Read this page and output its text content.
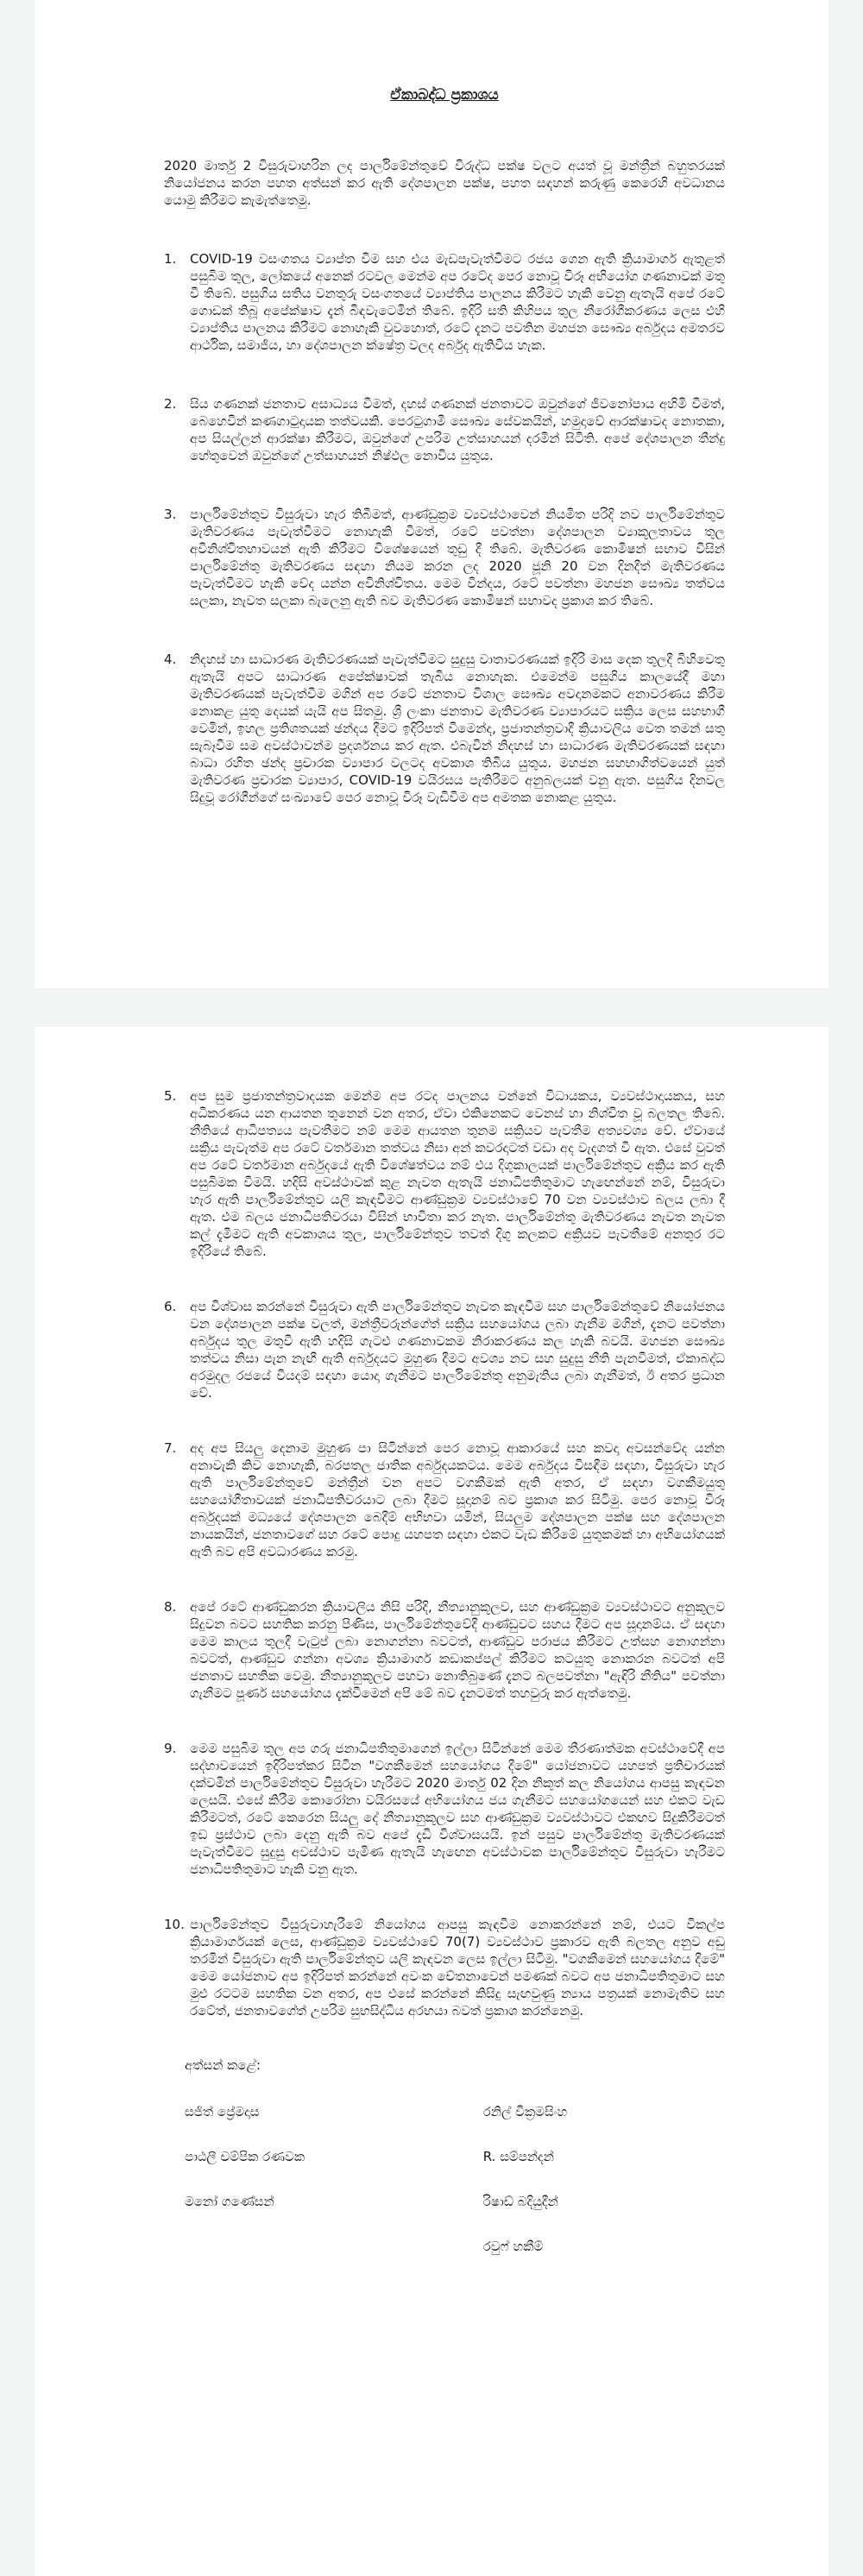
ඒකාබද්ධ ප්‍රකාශය
2020 මාර්තු 2 විසුරුවාහරින ලද පාර්ලිමේන්තුවේ විරුද්ධ පක්ෂ වලට අයත් වූ මන්ත්‍රීන් බහුතරයක් නියෝජනය කරන පහත අත්සන් කර ඇති දේශපාලන පක්ෂ, පහත සඳහන් කරුණු කෙරෙහි අවධානය යොමු කිරීමට කැමැත්තෙමු.
1.	COVID-19 වසංගතය ව්‍යාප්ත වීම සහ එය මැඩපැවැත්වීමට රජය ගෙන ඇති ක්‍රියාමාර්ග ඇතුළත් පසුබිම තුල, ලෝකයේ අනෙක් රටවල මෙන්ම අප රටේද පෙර නොවූ විරූ අභියෝග ගණනාවක් මතු වී තිබේ. පසුගිය සතිය වනතුරු වසංගතයේ ව්‍යාප්තිය පාලනය කිරීමට හැකි වෙනු ඇතැයි අපේ රටේ ගොඩක් තිබූ අපේක්ෂාව දැන් බිඳවැටෙමින් තිබේ. ඉදිරි සති කිහිපය තුල නීරෝගීකරණය ලෙස එහි ව්‍යාප්තිය පාලනය කිරීමට නොහැකි වුවහොත්, රටේ දැනට පවතින මහජන සෞඛ්‍ය අර්බුදය අමතරව ආර්ථික, සමාජීය, හා දේශපාලන ක්ෂේත්‍ර වලද අර්බුද ඇතිවිය හැක.
2.	සිය ගණනක් ජනතාව අසාධ්‍යය වීමත්, දහස් ගණනක් ජනතාවට ඔවුන්ගේ ජීවනෝපාය අහිමි වීමත්, බෙහෙවින් කණගාටුදායක තත්වයකි. පෙරටුගාමී සෞඛ්‍ය සේවකයින්, හමුදාවේ ආරක්ෂාවද නොතකා, අප සියල්ලන් ආරක්ෂා කිරීමට, ඔවුන්ගේ උපරිම උත්සාහයන් දරමින් සිටිති. අපේ දේශපාලන තීන්දු හේතුවෙන් ඔවුන්ගේ උත්සාහයන් නිෂ්ඵල නොවිය යුතුය.
3.	පාර්ලිමේන්තුව විසුරුවා හැර තිබීමත්, ආණ්ඩුක්‍රම ව්‍යවස්ථාවෙන් නියමිත පරිදි නව පාර්ලිමේන්තුව මැතිවරණය පැවැත්වීමට නොහැකි වීමත්, රටේ පවත්නා දේශපාලන ව්‍යාකූලතාවය තුල අවිනිශ්චිතභාවයන් ඇති කිරීමට විශේෂයෙන් තුඩු දී තිබේ. මැතිවරණ කොමිෂන් සභාව විසින් පාර්ලිමේන්තු මැතිවරණය සඳහා නියම කරන ලද 2020 ජූනි 20 වන දිනදීත් මැතිවරණය පැවැත්වීමට හැකි වේද යන්න අවිනිශ්චිතය. මෙම වින්දය, රටේ පවත්නා මහජන සෞඛ්‍ය තත්වය සලකා, නැවත සලකා බැලෙනු ඇති බව මැතිවරණ කොමිෂන් සභාවද ප්‍රකාශ කර තිබේ.
4.	නිදහස් හා සාධාරණ මැතිවරණයක් පැවැත්වීමට සුදුසු වාතාවරණයක් ඉදිරි මාස දෙක තුලදී බිහිවෙතු ඇතැයි අපට සාධාරණ අපේක්ෂාවක් තැබිය නොහැක. එමෙන්ම පසුගිය කාලයේදී මහා මැතිවරණයක් පැවැත්වීම මගින් අප රටේ ජනතාව විශාල සෞඛ්‍ය අවදානමකට අනාවරණය කිරීම නොකළ යුතු දෙයක් යැයි අප සිතමු. ශ්‍රී ලංකා ජනතාව මැතිවරණ ව්‍යාපාරයට සක්‍රිය ලෙස සහභාගී වෙමින්, ඉහල ප්‍රතිශතයක් ඡන්දය දීමට ඉදිරිපත් වීමෙන්ද, ප්‍රජාතන්ත්‍රවාදී ක්‍රියාවලිය වෙත තමන් සතු සැබෑවීම සම අවස්ථාවන්ම ප්‍රදර්ශනය කර ඇත. එබැවින් නිදහස් හා සාධාරණ මැතිවරණයක් සඳහා බාධා රහිත ඡන්ද ප්‍රචාරක ව්‍යාපාර වලටද අවකාශ තිබිය යුතුය. මහජන සහභාගිත්වයෙන් යුත් මැතිවරණ ප්‍රචාරක ව්‍යාපාර, COVID-19 වයිරසය පැතිරීමට අනුබලයක් වනු ඇත. පසුගිය දිනවල සිදුවූ රෝගීන්ගේ සංඛ්‍යාවේ පෙර නොවූ විරූ වැඩිවීම අප අමතක නොකළ යුතුය.
5.	අප සුම ප්‍රජාතන්ත්‍රවාදයක මෙන්ම අප රටද පාලනය වන්නේ විධායකය, ව්‍යවස්ථාදායකය, සහ අධිකරණය යන ආයතන තුනෙන් වන අතර, ඒවා එකිනෙකට වෙනස් හා නිශ්චිත වූ බලතල තිබේ. නීතියේ ආධිපත්‍යය පැවතීමට නම් මෙම ආයතන තුනම සක්‍රියව පැවතීම අත්‍යවශ්‍ය වේ. ඒවායේ සක්‍රිය පැවැත්ම අප රටේ වර්තමාන තත්වය නිසා අන් කවරදාටත් වඩා අද වැදගත් වී ඇත. එසේ වුවත් අප රටේ වර්තමාන අර්බුදයේ ඇති විශේෂත්වය නම් එය දිගුකාලයක් පාර්ලිමේන්තුව අක්‍රිය කර ඇති පසුබිමක වීමයි. හදිසි අවස්ථාවක් කුළ නැවත ඇතැයි ජනාධිපතිතුමාට හැඟෙන්නේ නම්, විසුරුවා හැර ඇති පාර්ලිමේන්තුව යලි කැඳවීමට ආණ්ඩුක්‍රම ව්‍යවස්ථාවේ 70 වන ව්‍යවස්ථාව බලය ලබා දී ඇත. එම බලය ජනාධිපතිවරයා විසින් භාවිතා කර නැත. පාර්ලිමේන්තු මැතිවරණය නැවත නැවත කල් දැමීමට ඇති අවකාශය තුල, පාර්ලිමේන්තුව තවත් දිගු කලකට අක්‍රියව පැවතීමේ අනතුර රට ඉදිරියේ තිබේ.
6.	අප විශ්වාස කරන්නේ විසුරුවා ඇති පාර්ලිමේන්තුව නැවත කැඳවීම සහ පාර්ලිමේන්තුවේ නියෝජනය වන දේශපාලන පක්ෂ වලත්, මන්ත්‍රීවරුන්ගේත් සක්‍රිය සහයෝගය ලබා ගැනීම මගින්, දැනට පවත්නා අර්බුදය තුල මතුවී ඇති හදිසි ගැටළු ගණනාවකම නිරාකරණය කල හැකි බවයි. මහජන සෞඛ්‍ය තත්වය නිසා පැන නැඟී ඇති අර්බුදයට මුහුණ දීමට අවශ්‍ය නව සහ සුදුසු නීති පැනවීමත්, ඒකාබද්ධ අරමුදල රජයේ වියදම් සඳහා යොදා ගැනීමට පාර්ලිමේන්තු අනුමැතිය ලබා ගැනීමත්, ඊ අතර ප්‍රධාන වේ.
7.	අද අප සියලු දෙනාම මුහුණ පා සිටින්නේ පෙර නොවූ ආකාරයේ සහ කවදා අවසන්වේද යන්න අනාවැකි කිව නොහැකි, බරපතල ජාතික අර්බුදයකටය. මෙම අර්බුදය විසඳීම සඳහා, විසුරුවා හැර ඇති පාර්ලිමේන්තුවේ මන්ත්‍රීන් වන අපට වගකීමක් ඇති අතර, ඒ සඳහා වගකීමයුතු සහයෝගීතාවයක් ජනාධිපතිවරයාට ලබා දීමට සූදානම් බව ප්‍රකාශ කර සිටිමු. පෙර නොවූ විරූ අර්බුදයක් මධ්‍යයේ දේශපාලන බෙදීම් අභිභවා යමින්, සියලුම දේශපාලන පක්ෂ සහ දේශපාලන නායකයින්, ජනතාවගේ සහ රටේ පොදු යහපත සඳහා එකට වැඩ කිරීමේ යුතුකමක් හා අභියෝගයක් ඇති බව අපි අවධාරණය කරමු.
8.	අපේ රටේ ආණ්ඩුකරන ක්‍රියාවලිය නිසි පරිදි, නීත්‍යානුකූලව, සහ ආණ්ඩුක්‍රම ව්‍යවස්ථාවට අනුකූලව සිදුවන බවට සහතික කරනු පිණිස, පාර්ලිමේන්තුවේදී ආණ්ඩුවට සහය දීමට අප සූදානම්ය. ඒ සඳහා මෙම කාලය තුලදී වැටුප් ලබා නොගන්නා බවටත්, ආණ්ඩුව පරාජය කිරීමට උත්සහ නොගන්නා බවටත්, ආණ්ඩුව ගන්නා අවශ්‍ය ක්‍රියාමාර්ග කඩාකප්පල් කිරීමට කටයුතු නොකරන බවටත් අපි ජනතාව සහතික වෙමු. නීත්‍යානුකූලව පහවා නොතිබුණේ දැනට බලපවත්නා "ඇඳිරි නීතිය" පවත්නා ගැනීමට පූර්ණ සහයෝගය දැක්වීමෙන් අපි මේ බව දැනටමත් තහවුරු කර ඇත්තෙමු.
9.	මෙම පසුබිම තුල අප ගරු ජනාධිපතිතුමාගෙන් ඉල්ලා සිටින්නේ මෙම තීරණාත්මක අවස්ථාවේදී අප සද්භාවයෙන් ඉදිරිපත්කර සිටින "වගකීමෙන් සහයෝගය දීමේ" යෝජනාවට යහපත් ප්‍රතිචාරයක් දක්වමින් පාර්ලිමේන්තුව විසුරුවා හැරීමට 2020 මාර්තු 02 දින නිකුත් කල නියෝගය ආපසු කැඳවන ලෙසයි. එසේ කිරීම කොරෝනා වයිරසයේ අභියෝගය ජය ගැනීමට සහයෝගයෙන් සහ එකට වැඩ කිරීමටත්, රටේ කෙරෙන සියලු දේ නීත්‍යානුකූලව සහ ආණ්ඩුක්‍රම ව්‍යවස්ථාවට එකඟව සිදුකිරීමටත් ඉඩ ප්‍රස්ථාව ලබා දෙනු ඇති බව අපේ දැඩි විශ්වාසයයි. ඉන් පසුව පාර්ලිමේන්තු මැතිවරණයක් පැවැත්වීමට සුදුසු අවස්ථාව පැමිණ ඇතැයි හැඟෙන අවස්ථාවක පාර්ලිමේන්තුව විසුරුවා හැරීමට ජනාධිපතිතුමාට හැකි වනු ඇත.
10. පාර්ලිමේන්තුව විසුරුවාහැරීමේ නියෝගය ආපසු කැඳවීම නොකරන්නේ නම්, එයට විකල්ප ක්‍රියාමාර්ගයක් ලෙස, ආණ්ඩුක්‍රම ව්‍යවස්ථාවේ 70(7) ව්‍යවස්ථාව ප්‍රකාරව ඇති බලතල අනුව අඩු තරමින් විසුරුවා ඇති පාර්ලිමේන්තුව යලි කැඳවන ලෙස ඉල්ලා සිටිමු. "වගකීමෙන් සහයෝගය දීමේ" මෙම යෝජනාව අප ඉදිරිපත් කරන්නේ අවංක චේතනාවෙන් පමණක් බවට අප ජනාධිපතිතුමාට සහ මුළු රටටම සහතික වන අතර, අප එසේ කරන්නේ කිසිදු සැඟවුණු න්‍යාය පත්‍රයක් නොමැතිව සහ රටේත්, ජනතාවගේත් උපරිම සුභසිද්ධිය අරභයා බවත් ප්‍රකාශ කරන්නෙමු.
අත්සන් කළේ:
සජිත් ප්‍රේමදාස	රනිල් වික්‍රමසිංහ
පාඨලී චම්පික රණවක	R. සම්පන්දන්
මනෝ ගණේසන්	රිෂාඩ් බදියුදීන්
රවුෆ් හකීම්
